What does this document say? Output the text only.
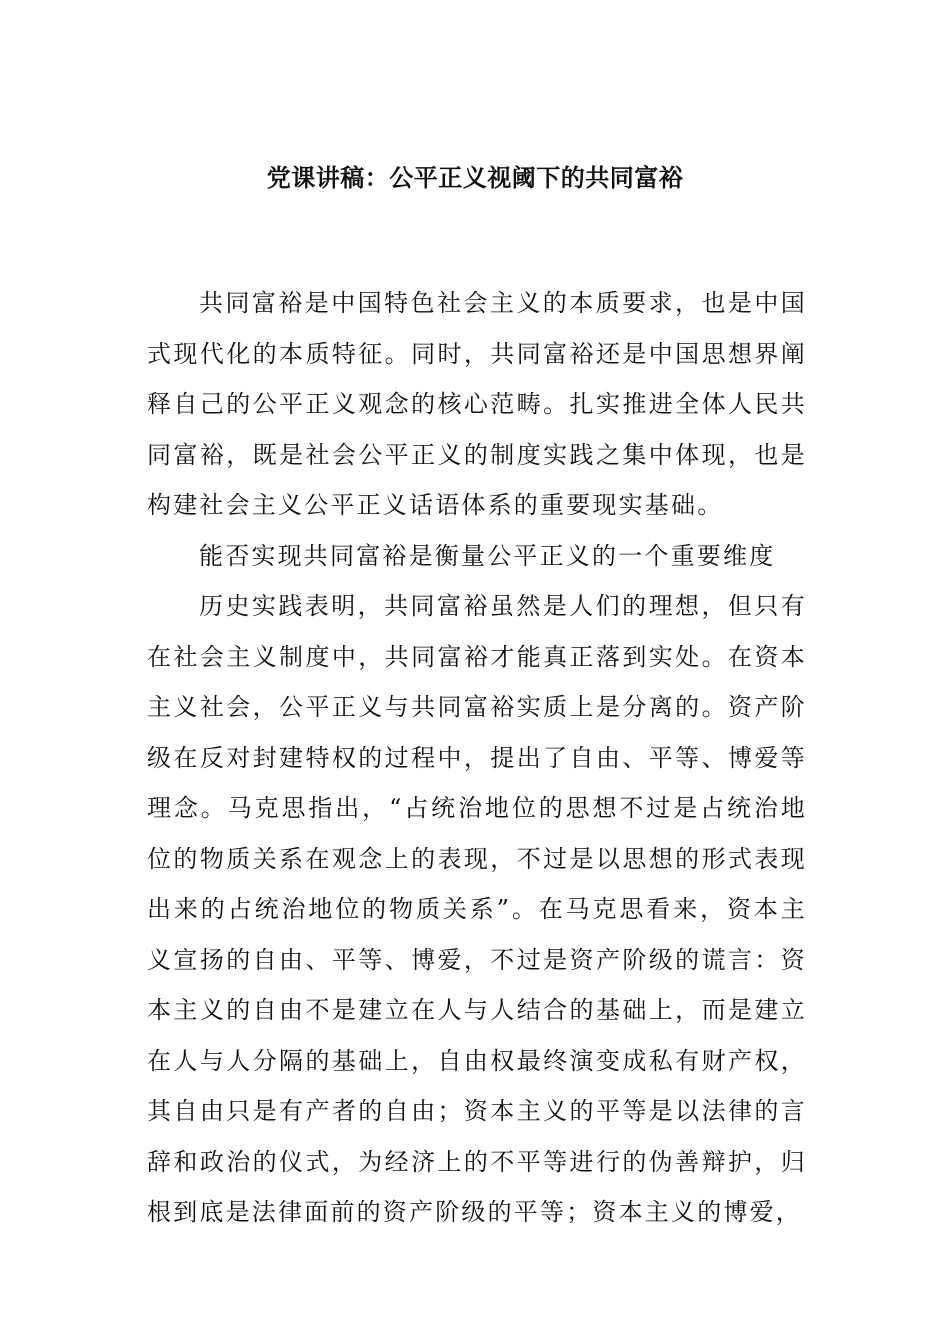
党课讲稿：公平正义视阈下的共同富裕

共同富裕是中国特色社会主义的本质要求，也是中国式现代化的本质特征。同时，共同富裕还是中国思想界阐释自己的公平正义观念的核心范畴。扎实推进全体人民共同富裕，既是社会公平正义的制度实践之集中体现，也是构建社会主义公平正义话语体系的重要现实基础。

能否实现共同富裕是衡量公平正义的一个重要维度

历史实践表明，共同富裕虽然是人们的理想，但只有在社会主义制度中，共同富裕才能真正落到实处。在资本主义社会，公平正义与共同富裕实质上是分离的。资产阶级在反对封建特权的过程中，提出了自由、平等、博爱等理念。马克思指出，“占统治地位的思想不过是占统治地位的物质关系在观念上的表现，不过是以思想的形式表现出来的占统治地位的物质关系”。在马克思看来，资本主义宣扬的自由、平等、博爱，不过是资产阶级的谎言：资本主义的自由不是建立在人与人结合的基础上，而是建立在人与人分隔的基础上，自由权最终演变成私有财产权，其自由只是有产者的自由；资本主义的平等是以法律的言辞和政治的仪式，为经济上的不平等进行的伪善辩护，归根到底是法律面前的资产阶级的平等；资本主义的博爱，
